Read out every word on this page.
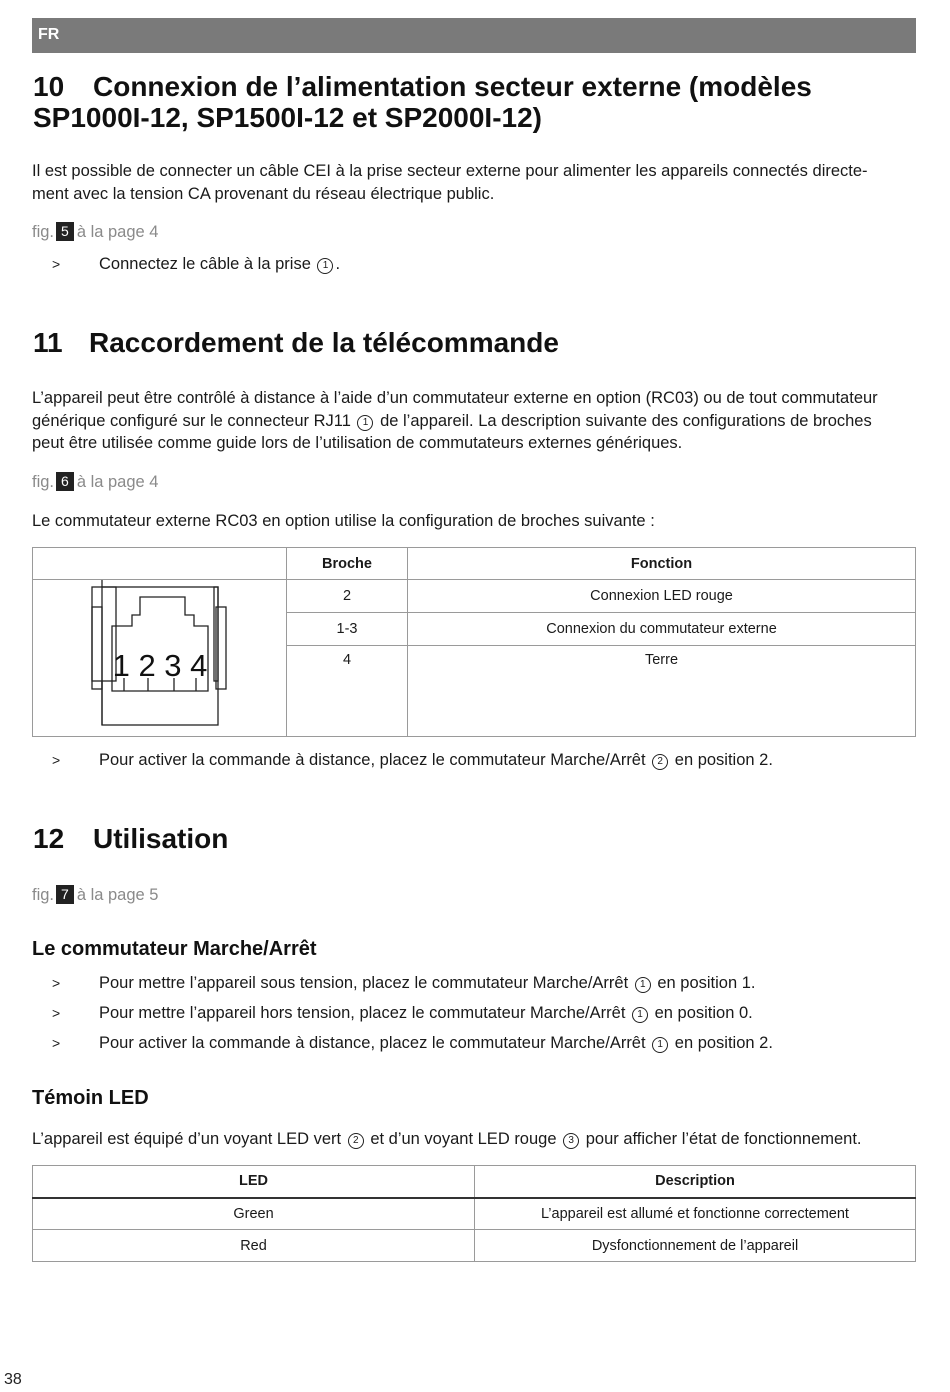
FR
10 Connexion de l’alimentation secteur externe (modèles
SP1000I-12, SP1500I-12 et SP2000I-12)
Il est possible de connecter un câble CEI à la prise secteur externe pour alimenter les appareils connectés directe-
ment avec la tension CA provenant du réseau électrique public.
fig. 5 à la page 4
> Connectez le câble à la prise 1 .
11 Raccordement de la télécommande
L’appareil peut être contrôlé à distance à l’aide d’un commutateur externe en option (RC03) ou de tout commutateur
générique configuré sur le connecteur RJ11 1 de l’appareil. La description suivante des configurations de broches
peut être utilisée comme guide lors de l’utilisation de commutateurs externes génériques.
fig. 6 à la page 4
Le commutateur externe RC03 en option utilise la configuration de broches suivante :
	Broche	Fonction

1 2 3 4	2	Connexion LED rouge
	1-3	Connexion du commutateur externe
	4	Terre
> Pour activer la commande à distance, placez le commutateur Marche/Arrêt 2 en position 2.
12 Utilisation
fig. 7 à la page 5
Le commutateur Marche/Arrêt
> Pour mettre l’appareil sous tension, placez le commutateur Marche/Arrêt 1 en position 1.
> Pour mettre l’appareil hors tension, placez le commutateur Marche/Arrêt 1 en position 0.
> Pour activer la commande à distance, placez le commutateur Marche/Arrêt 1 en position 2.
Témoin LED
L’appareil est équipé d’un voyant LED vert 2 et d’un voyant LED rouge 3 pour afficher l’état de fonctionnement.
LED	Description
Green	L’appareil est allumé et fonctionne correctement
Red	Dysfonctionnement de l’appareil
38
